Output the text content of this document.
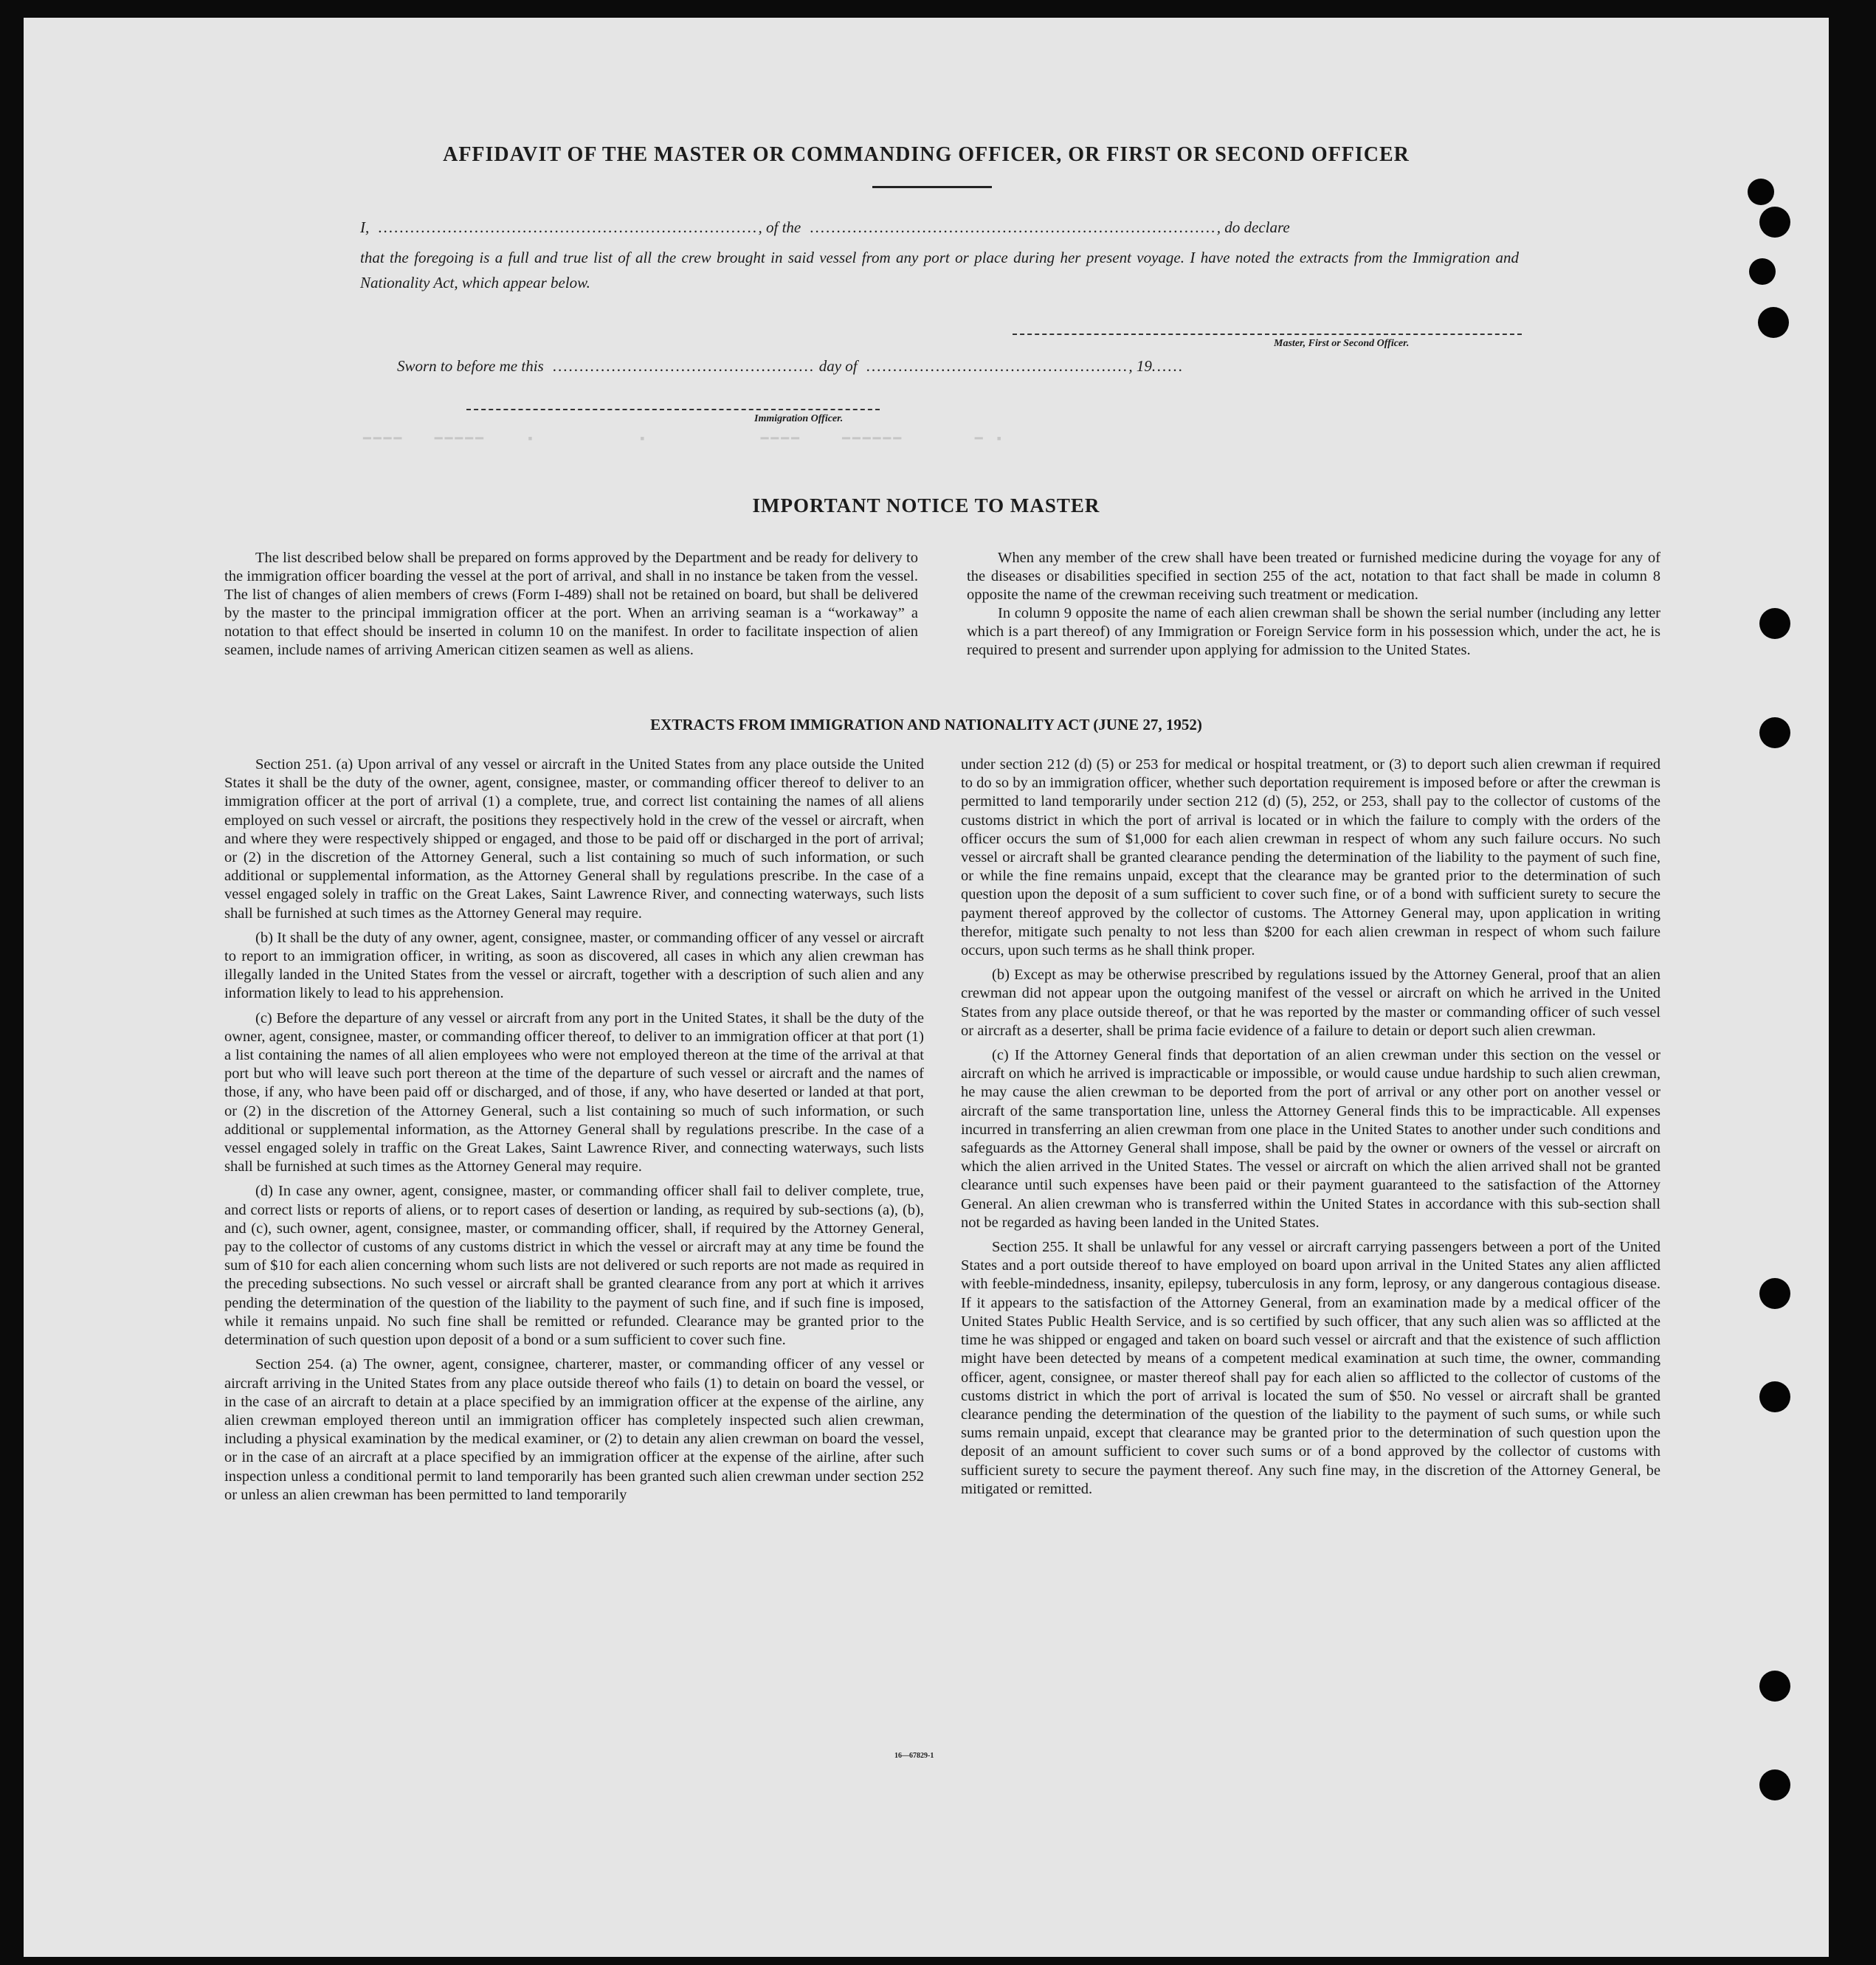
AFFIDAVIT OF THE MASTER OR COMMANDING OFFICER, OR FIRST OR SECOND OFFICER
I,  ......................................................................., of the  ............................................................................, do declare
that the foregoing is a full and true list of all the crew brought in said vessel from any port or place during her present voyage. I have noted the extracts from the Immigration and Nationality Act, which appear below.
Master, First or Second Officer.
Sworn to before me this  ................................................. day of  ................................................., 19......
Immigration Officer.
━━━━   ━━━━━    ▪          ▪           ━━━━    ━━━━━━       ━ ▪
IMPORTANT NOTICE TO MASTER

The list described below shall be prepared on forms approved by the Department and be ready for delivery to the immigration officer boarding the vessel at the port of arrival, and shall in no instance be taken from the vessel. The list of changes of alien members of crews (Form I-489) shall not be retained on board, but shall be delivered by the master to the principal immigration officer at the port. When an arriving seaman is a “workaway” a notation to that effect should be inserted in column 10 on the manifest. In order to facilitate inspection of alien seamen, include names of arriving American citizen seamen as well as aliens.

When any member of the crew shall have been treated or furnished medicine during the voyage for any of the diseases or disabilities specified in section 255 of the act, notation to that fact shall be made in column 8 opposite the name of the crewman receiving such treatment or medication.

In column 9 opposite the name of each alien crewman shall be shown the serial number (including any letter which is a part thereof) of any Immigration or Foreign Service form in his possession which, under the act, he is required to present and surrender upon applying for admission to the United States.

EXTRACTS FROM IMMIGRATION AND NATIONALITY ACT (JUNE 27, 1952)

Section 251. (a) Upon arrival of any vessel or aircraft in the United States from any place outside the United States it shall be the duty of the owner, agent, consignee, master, or commanding officer thereof to deliver to an immigration officer at the port of arrival (1) a complete, true, and correct list containing the names of all aliens employed on such vessel or aircraft, the positions they respectively hold in the crew of the vessel or aircraft, when and where they were respectively shipped or engaged, and those to be paid off or discharged in the port of arrival; or (2) in the discretion of the Attorney General, such a list containing so much of such information, or such additional or supplemental information, as the Attorney General shall by regulations prescribe. In the case of a vessel engaged solely in traffic on the Great Lakes, Saint Lawrence River, and connecting waterways, such lists shall be furnished at such times as the Attorney General may require.

(b) It shall be the duty of any owner, agent, consignee, master, or commanding officer of any vessel or aircraft to report to an immigration officer, in writing, as soon as discovered, all cases in which any alien crewman has illegally landed in the United States from the vessel or aircraft, together with a description of such alien and any information likely to lead to his apprehension.

(c) Before the departure of any vessel or aircraft from any port in the United States, it shall be the duty of the owner, agent, consignee, master, or commanding officer thereof, to deliver to an immigration officer at that port (1) a list containing the names of all alien employees who were not employed thereon at the time of the arrival at that port but who will leave such port thereon at the time of the departure of such vessel or aircraft and the names of those, if any, who have been paid off or discharged, and of those, if any, who have deserted or landed at that port, or (2) in the discretion of the Attorney General, such a list containing so much of such information, or such additional or supplemental information, as the Attorney General shall by regulations prescribe. In the case of a vessel engaged solely in traffic on the Great Lakes, Saint Lawrence River, and connecting waterways, such lists shall be furnished at such times as the Attorney General may require.

(d) In case any owner, agent, consignee, master, or commanding officer shall fail to deliver complete, true, and correct lists or reports of aliens, or to report cases of desertion or landing, as required by sub-sections (a), (b), and (c), such owner, agent, consignee, master, or commanding officer, shall, if required by the Attorney General, pay to the collector of customs of any customs district in which the vessel or aircraft may at any time be found the sum of $10 for each alien concerning whom such lists are not delivered or such reports are not made as required in the preceding subsections. No such vessel or aircraft shall be granted clearance from any port at which it arrives pending the determination of the question of the liability to the payment of such fine, and if such fine is imposed, while it remains unpaid. No such fine shall be remitted or refunded. Clearance may be granted prior to the determination of such question upon deposit of a bond or a sum sufficient to cover such fine.

Section 254. (a) The owner, agent, consignee, charterer, master, or commanding officer of any vessel or aircraft arriving in the United States from any place outside thereof who fails (1) to detain on board the vessel, or in the case of an aircraft to detain at a place specified by an immigration officer at the expense of the airline, any alien crewman employed thereon until an immigration officer has completely inspected such alien crewman, including a physical examination by the medical examiner, or (2) to detain any alien crewman on board the vessel, or in the case of an aircraft at a place specified by an immigration officer at the expense of the airline, after such inspection unless a conditional permit to land temporarily has been granted such alien crewman under section 252 or unless an alien crewman has been permitted to land temporarily

under section 212 (d) (5) or 253 for medical or hospital treatment, or (3) to deport such alien crewman if required to do so by an immigration officer, whether such deportation requirement is imposed before or after the crewman is permitted to land temporarily under section 212 (d) (5), 252, or 253, shall pay to the collector of customs of the customs district in which the port of arrival is located or in which the failure to comply with the orders of the officer occurs the sum of $1,000 for each alien crewman in respect of whom any such failure occurs. No such vessel or aircraft shall be granted clearance pending the determination of the liability to the payment of such fine, or while the fine remains unpaid, except that the clearance may be granted prior to the determination of such question upon the deposit of a sum sufficient to cover such fine, or of a bond with sufficient surety to secure the payment thereof approved by the collector of customs. The Attorney General may, upon application in writing therefor, mitigate such penalty to not less than $200 for each alien crewman in respect of whom such failure occurs, upon such terms as he shall think proper.

(b) Except as may be otherwise prescribed by regulations issued by the Attorney General, proof that an alien crewman did not appear upon the outgoing manifest of the vessel or aircraft on which he arrived in the United States from any place outside thereof, or that he was reported by the master or commanding officer of such vessel or aircraft as a deserter, shall be prima facie evidence of a failure to detain or deport such alien crewman.

(c) If the Attorney General finds that deportation of an alien crewman under this section on the vessel or aircraft on which he arrived is impracticable or impossible, or would cause undue hardship to such alien crewman, he may cause the alien crewman to be deported from the port of arrival or any other port on another vessel or aircraft of the same transportation line, unless the Attorney General finds this to be impracticable. All expenses incurred in transferring an alien crewman from one place in the United States to another under such conditions and safeguards as the Attorney General shall impose, shall be paid by the owner or owners of the vessel or aircraft on which the alien arrived in the United States. The vessel or aircraft on which the alien arrived shall not be granted clearance until such expenses have been paid or their payment guaranteed to the satisfaction of the Attorney General. An alien crewman who is transferred within the United States in accordance with this sub-section shall not be regarded as having been landed in the United States.

Section 255. It shall be unlawful for any vessel or aircraft carrying passengers between a port of the United States and a port outside thereof to have employed on board upon arrival in the United States any alien afflicted with feeble-mindedness, insanity, epilepsy, tuberculosis in any form, leprosy, or any dangerous contagious disease. If it appears to the satisfaction of the Attorney General, from an examination made by a medical officer of the United States Public Health Service, and is so certified by such officer, that any such alien was so afflicted at the time he was shipped or engaged and taken on board such vessel or aircraft and that the existence of such affliction might have been detected by means of a competent medical examination at such time, the owner, commanding officer, agent, consignee, or master thereof shall pay for each alien so afflicted to the collector of customs of the customs district in which the port of arrival is located the sum of $50. No vessel or aircraft shall be granted clearance pending the determination of the question of the liability to the payment of such sums, or while such sums remain unpaid, except that clearance may be granted prior to the determination of such question upon the deposit of an amount sufficient to cover such sums or of a bond approved by the collector of customs with sufficient surety to secure the payment thereof. Any such fine may, in the discretion of the Attorney General, be mitigated or remitted.

16—67829-1
